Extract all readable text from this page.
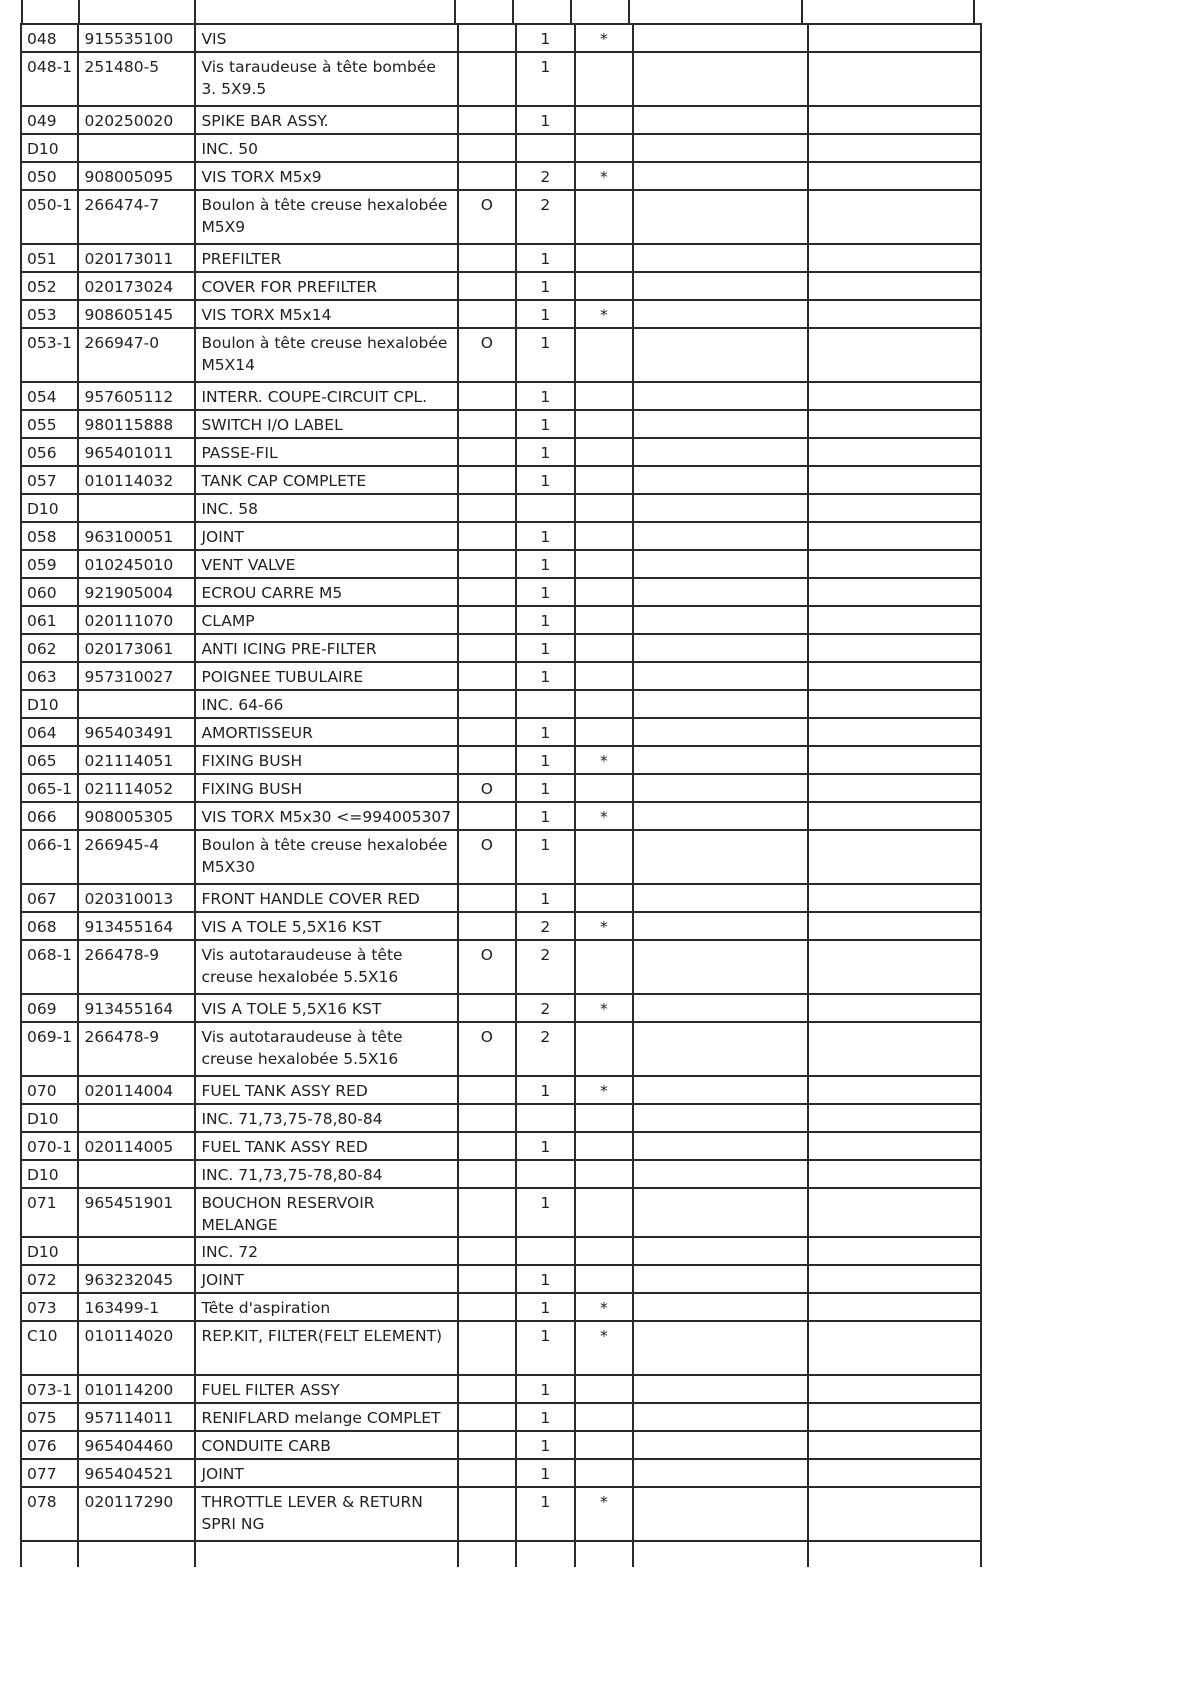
048	915535100	VIS		1	*		
048-1	251480-5	Vis taraudeuse à tête bombée 3. 5X9.5		1			
049	020250020	SPIKE BAR ASSY.		1			
D10		INC. 50					
050	908005095	VIS TORX M5x9		2	*		
050-1	266474-7	Boulon à tête creuse hexalobée M5X9	O	2			
051	020173011	PREFILTER		1			
052	020173024	COVER FOR PREFILTER		1			
053	908605145	VIS TORX M5x14		1	*		
053-1	266947-0	Boulon à tête creuse hexalobée M5X14	O	1			
054	957605112	INTERR. COUPE-CIRCUIT CPL.		1			
055	980115888	SWITCH I/O LABEL		1			
056	965401011	PASSE-FIL		1			
057	010114032	TANK CAP COMPLETE		1			
D10		INC. 58					
058	963100051	JOINT		1			
059	010245010	VENT VALVE		1			
060	921905004	ECROU CARRE M5		1			
061	020111070	CLAMP		1			
062	020173061	ANTI ICING PRE-FILTER		1			
063	957310027	POIGNEE TUBULAIRE		1			
D10		INC. 64-66					
064	965403491	AMORTISSEUR		1			
065	021114051	FIXING BUSH		1	*		
065-1	021114052	FIXING BUSH	O	1			
066	908005305	VIS TORX M5x30 <=994005307		1	*		
066-1	266945-4	Boulon à tête creuse hexalobée M5X30	O	1			
067	020310013	FRONT HANDLE COVER RED		1			
068	913455164	VIS A TOLE 5,5X16 KST		2	*		
068-1	266478-9	Vis autotaraudeuse à tête creuse hexalobée 5.5X16	O	2			
069	913455164	VIS A TOLE 5,5X16 KST		2	*		
069-1	266478-9	Vis autotaraudeuse à tête creuse hexalobée 5.5X16	O	2			
070	020114004	FUEL TANK ASSY RED		1	*		
D10		INC. 71,73,75-78,80-84					
070-1	020114005	FUEL TANK ASSY RED		1			
D10		INC. 71,73,75-78,80-84					
071	965451901	BOUCHON RESERVOIR MELANGE		1			
D10		INC. 72					
072	963232045	JOINT		1			
073	163499-1	Tête d'aspiration		1	*		
C10	010114020	REP.KIT, FILTER(FELT ELEMENT)		1	*		
073-1	010114200	FUEL FILTER ASSY		1			
075	957114011	RENIFLARD melange COMPLET		1			
076	965404460	CONDUITE CARB		1			
077	965404521	JOINT		1			
078	020117290	THROTTLE LEVER & RETURN SPRI NG		1	*		
